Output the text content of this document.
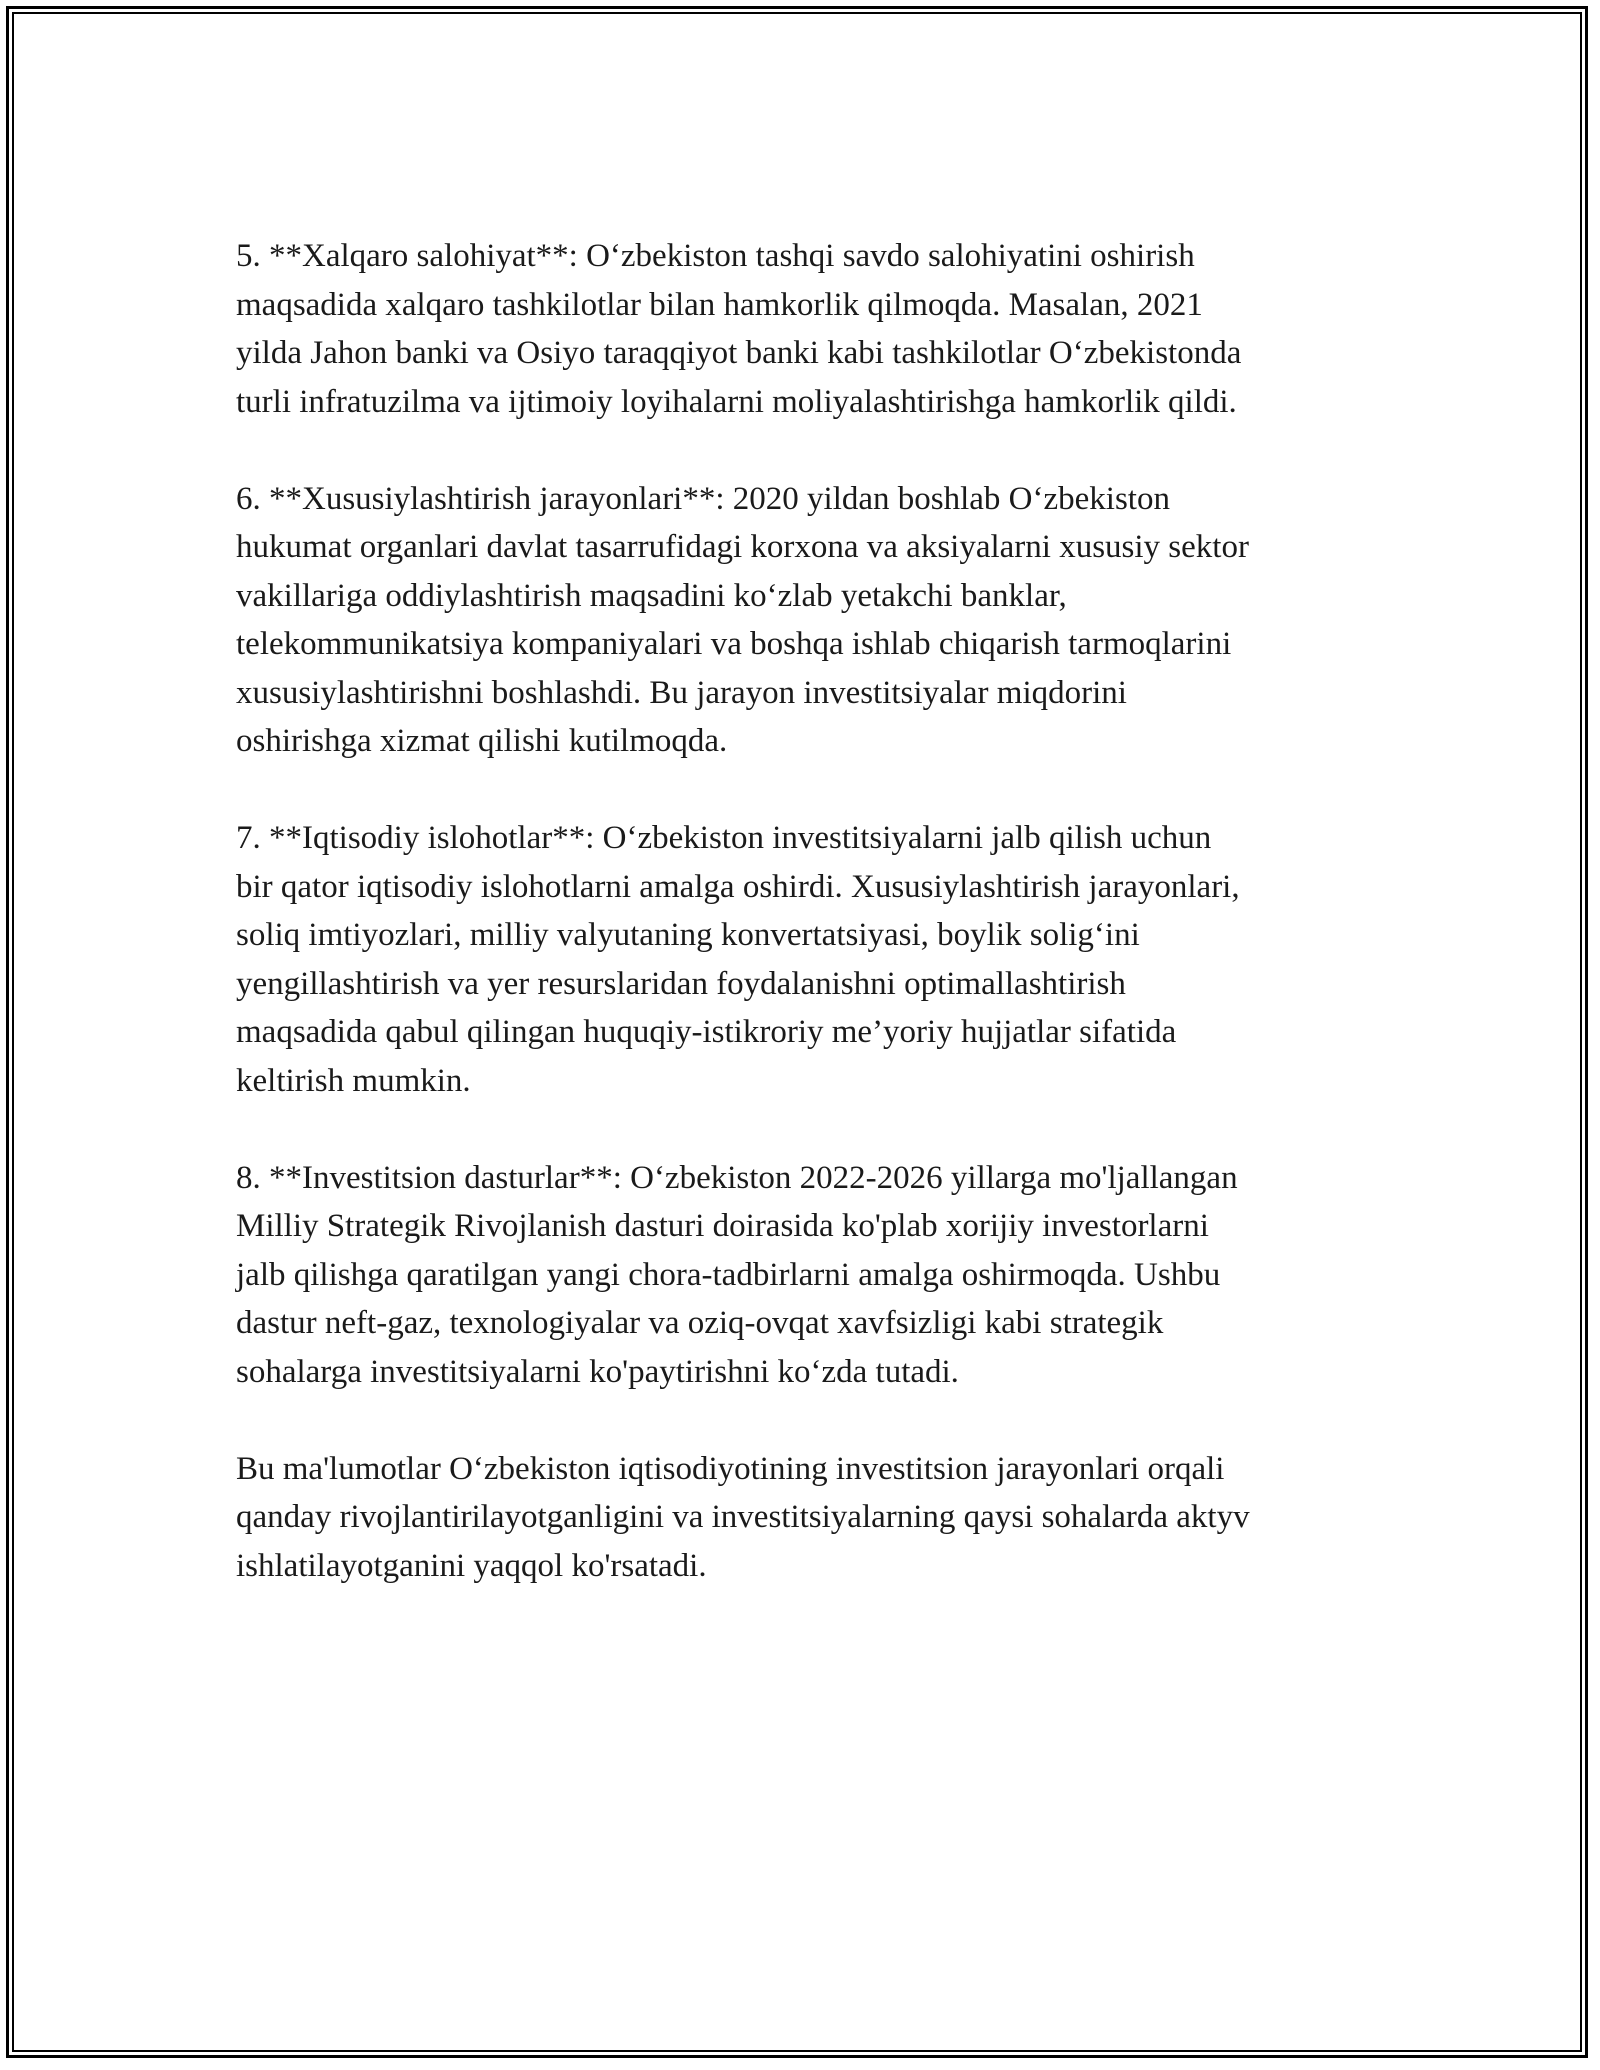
5. **Xalqaro salohiyat**: O‘zbekiston tashqi savdo salohiyatini oshirish
maqsadida xalqaro tashkilotlar bilan hamkorlik qilmoqda. Masalan, 2021
yilda Jahon banki va Osiyo taraqqiyot banki kabi tashkilotlar O‘zbekistonda
turli infratuzilma va ijtimoiy loyihalarni moliyalashtirishga hamkorlik qildi.

6. **Xususiylashtirish jarayonlari**: 2020 yildan boshlab O‘zbekiston
hukumat organlari davlat tasarrufidagi korxona va aksiyalarni xususiy sektor
vakillariga oddiylashtirish maqsadini ko‘zlab yetakchi banklar,
telekommunikatsiya kompaniyalari va boshqa ishlab chiqarish tarmoqlarini
xususiylashtirishni boshlashdi. Bu jarayon investitsiyalar miqdorini
oshirishga xizmat qilishi kutilmoqda.

7. **Iqtisodiy islohotlar**: O‘zbekiston investitsiyalarni jalb qilish uchun
bir qator iqtisodiy islohotlarni amalga oshirdi. Xususiylashtirish jarayonlari,
soliq imtiyozlari, milliy valyutaning konvertatsiyasi, boylik solig‘ini
yengillashtirish va yer resurslaridan foydalanishni optimallashtirish
maqsadida qabul qilingan huquqiy-istikroriy me’yoriy hujjatlar sifatida
keltirish mumkin.

8. **Investitsion dasturlar**: O‘zbekiston 2022-2026 yillarga mo'ljallangan
Milliy Strategik Rivojlanish dasturi doirasida ko'plab xorijiy investorlarni
jalb qilishga qaratilgan yangi chora-tadbirlarni amalga oshirmoqda. Ushbu
dastur neft-gaz, texnologiyalar va oziq-ovqat xavfsizligi kabi strategik
sohalarga investitsiyalarni ko'paytirishni ko‘zda tutadi.

Bu ma'lumotlar O‘zbekiston iqtisodiyotining investitsion jarayonlari orqali
qanday rivojlantirilayotganligini va investitsiyalarning qaysi sohalarda aktyv
ishlatilayotganini yaqqol ko'rsatadi.
